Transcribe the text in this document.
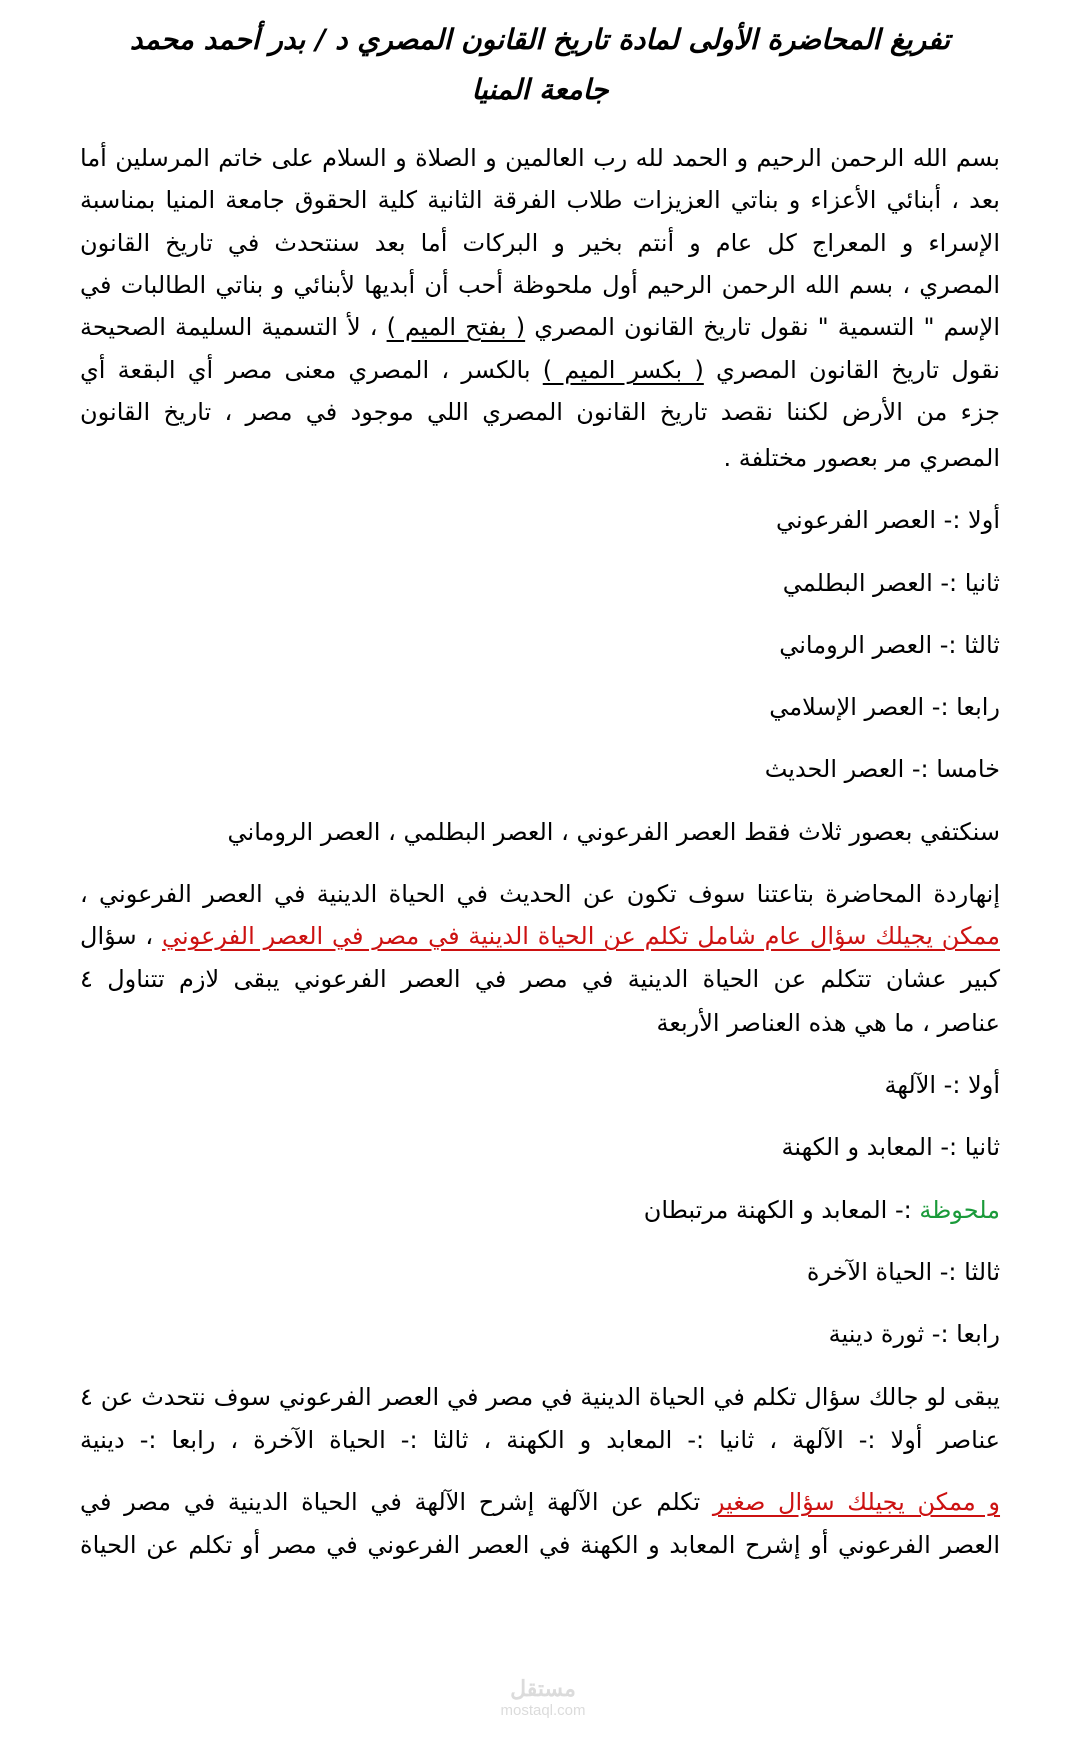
تفريغ المحاضرة الأولى لمادة تاريخ القانون المصري د / بدر أحمد محمد
جامعة المنيا
بسم الله الرحمن الرحيم و الحمد لله رب العالمين و الصلاة و السلام على خاتم المرسلين أما
بعد ، أبنائي الأعزاء و بناتي العزيزات طلاب الفرقة الثانية كلية الحقوق جامعة المنيا بمناسبة
الإسراء و المعراج كل عام و أنتم بخير و البركات أما بعد سنتحدث في تاريخ القانون
المصري ، بسم الله الرحمن الرحيم أول ملحوظة أحب أن أبديها لأبنائي و بناتي الطالبات في
الإسم " التسمية " نقول تاريخ القانون المصري ( بفتح الميم ) ، لأ التسمية السليمة الصحيحة
نقول تاريخ القانون المصري ( بكسر الميم ) بالكسر ، المصري معنى مصر أي البقعة أي
جزء من الأرض لكننا نقصد تاريخ القانون المصري اللي موجود في مصر ، تاريخ القانون
المصري مر بعصور مختلفة .
أولا :- العصر الفرعوني
ثانيا :- العصر البطلمي
ثالثا :- العصر الروماني
رابعا :- العصر الإسلامي
خامسا :- العصر الحديث
سنكتفي بعصور ثلاث فقط العصر الفرعوني ، العصر البطلمي ، العصر الروماني
إنهاردة المحاضرة بتاعتنا سوف تكون عن الحديث في الحياة الدينية في العصر الفرعوني ،
ممكن يجيلك سؤال عام شامل تكلم عن الحياة الدينية في مصر في العصر الفرعوني ، سؤال
كبير عشان تتكلم عن الحياة الدينية في مصر في العصر الفرعوني يبقى لازم تتناول ٤
عناصر ، ما هي هذه العناصر الأربعة
أولا :- الآلهة
ثانيا :- المعابد و الكهنة
ملحوظة :- المعابد و الكهنة مرتبطان
ثالثا :- الحياة الآخرة
رابعا :- ثورة دينية
يبقى لو جالك سؤال تكلم في الحياة الدينية في مصر في العصر الفرعوني سوف نتحدث عن ٤
عناصر أولا :- الآلهة ، ثانيا :- المعابد و الكهنة ، ثالثا :- الحياة الآخرة ، رابعا :- دينية
و ممكن يجيلك سؤال صغير تكلم عن الآلهة إشرح الآلهة في الحياة الدينية في مصر في
العصر الفرعوني أو إشرح المعابد و الكهنة في العصر الفرعوني في مصر أو تكلم عن الحياة
مستقل
mostaql.com
